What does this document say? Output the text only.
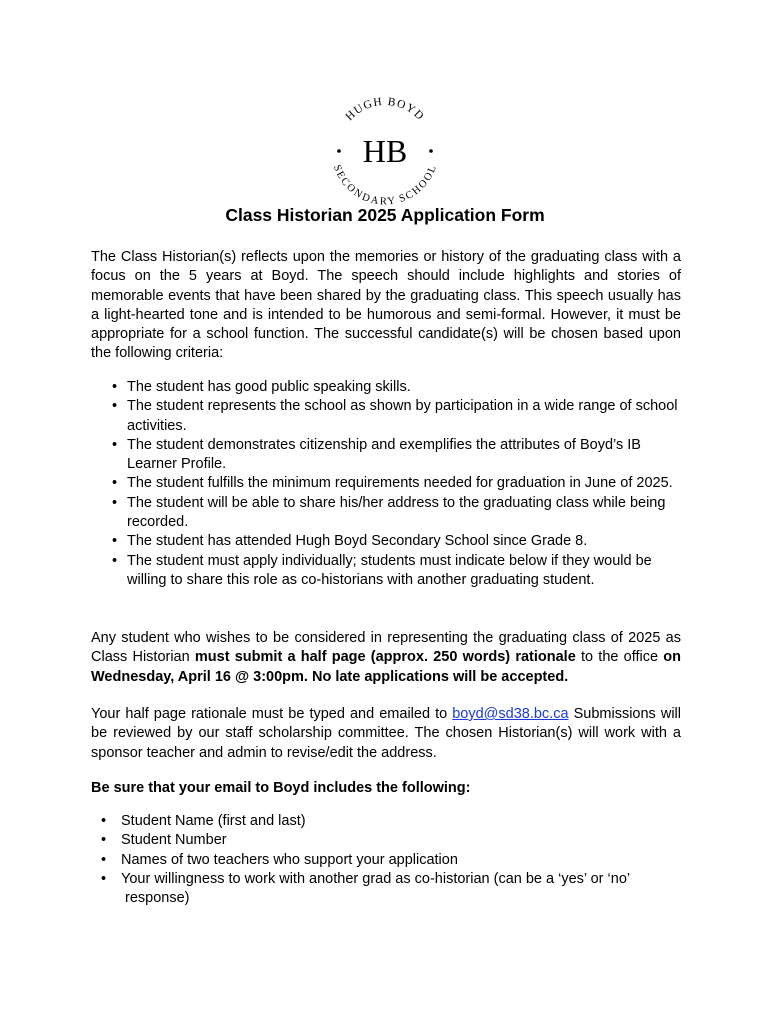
HUGH BOYD
SECONDARY SCHOOL
HB
Class Historian 2025 Application Form

The Class Historian(s) reflects upon the memories or history of the graduating class with a focus on the 5 years at Boyd. The speech should include highlights and stories of memorable events that have been shared by the graduating class. This speech usually has a light-hearted tone and is intended to be humorous and semi-formal. However, it must be appropriate for a school function. The successful candidate(s) will be chosen based upon the following criteria:

• The student has good public speaking skills.
• The student represents the school as shown by participation in a wide range of school activities.
• The student demonstrates citizenship and exemplifies the attributes of Boyd’s IB Learner Profile.
• The student fulfills the minimum requirements needed for graduation in June of 2025.
• The student will be able to share his/her address to the graduating class while being recorded.
• The student has attended Hugh Boyd Secondary School since Grade 8.
• The student must apply individually; students must indicate below if they would be willing to share this role as co-historians with another graduating student.

Any student who wishes to be considered in representing the graduating class of 2025 as Class Historian must submit a half page (approx. 250 words) rationale to the office on Wednesday, April 16 @ 3:00pm. No late applications will be accepted.

Your half page rationale must be typed and emailed to boyd@sd38.bc.ca Submissions will be reviewed by our staff scholarship committee. The chosen Historian(s) will work with a sponsor teacher and admin to revise/edit the address.

Be sure that your email to Boyd includes the following:

• Student Name (first and last)
• Student Number
• Names of two teachers who support your application
• Your willingness to work with another grad as co-historian (can be a ‘yes’ or ‘no’
response)
